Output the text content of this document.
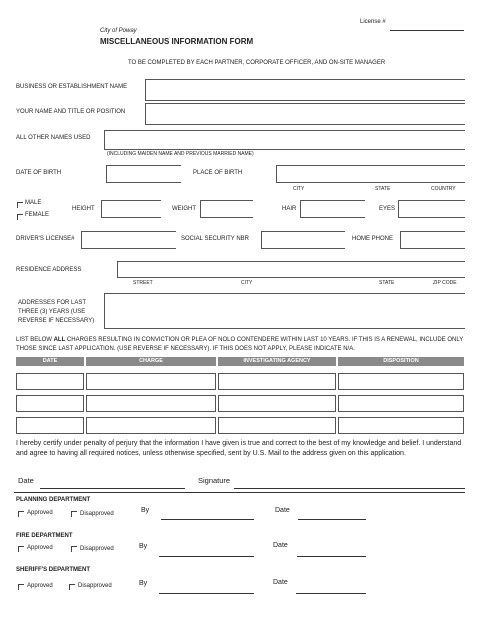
License #
City of Poway
MISCELLANEOUS INFORMATION FORM
TO BE COMPLETED BY EACH PARTNER, CORPORATE OFFICER, AND ON-SITE MANAGER
BUSINESS OR ESTABLISHMENT NAME
YOUR NAME AND TITLE OR POSITION
ALL OTHER NAMES USED
(INCLUDING MAIDEN NAME AND PREVIOUS MARRIED NAME)
DATE OF BIRTH	PLACE OF BIRTH
CITY	STATE	COUNTRY
MALE
FEMALE
HEIGHT	WEIGHT	HAIR	EYES
DRIVER'S LICENSE#	SOCIAL SECURITY NBR	HOME PHONE
RESIDENCE ADDRESS
STREET	CITY	STATE	ZIP CODE
ADDRESSES FOR LAST THREE (3) YEARS (USE REVERSE IF NECESSARY)
LIST BELOW ALL CHARGES RESULTING IN CONVICTION OR PLEA OF NOLO CONTENDERE WITHIN LAST 10 YEARS. IF THIS IS A RENEWAL, INCLUDE ONLY THOSE SINCE LAST APPLICATION. (USE REVERSE IF NECESSARY). IF THIS DOES NOT APPLY, PLEASE INDICATE N/A.
DATE	CHARGE	INVESTIGATING AGENCY	DISPOSITION
I hereby certify under penalty of perjury that the information I have given is true and correct to the best of my knowledge and belief. I understand and agree to having all required notices, unless otherwise specified, sent by U.S. Mail to the address given on this application.
Date	Signature
PLANNING DEPARTMENT
Approved	Disapproved	By	Date
FIRE DEPARTMENT
Approved	Disapproved	By	Date
SHERIFF'S DEPARTMENT
Approved	Disapproved	By	Date
